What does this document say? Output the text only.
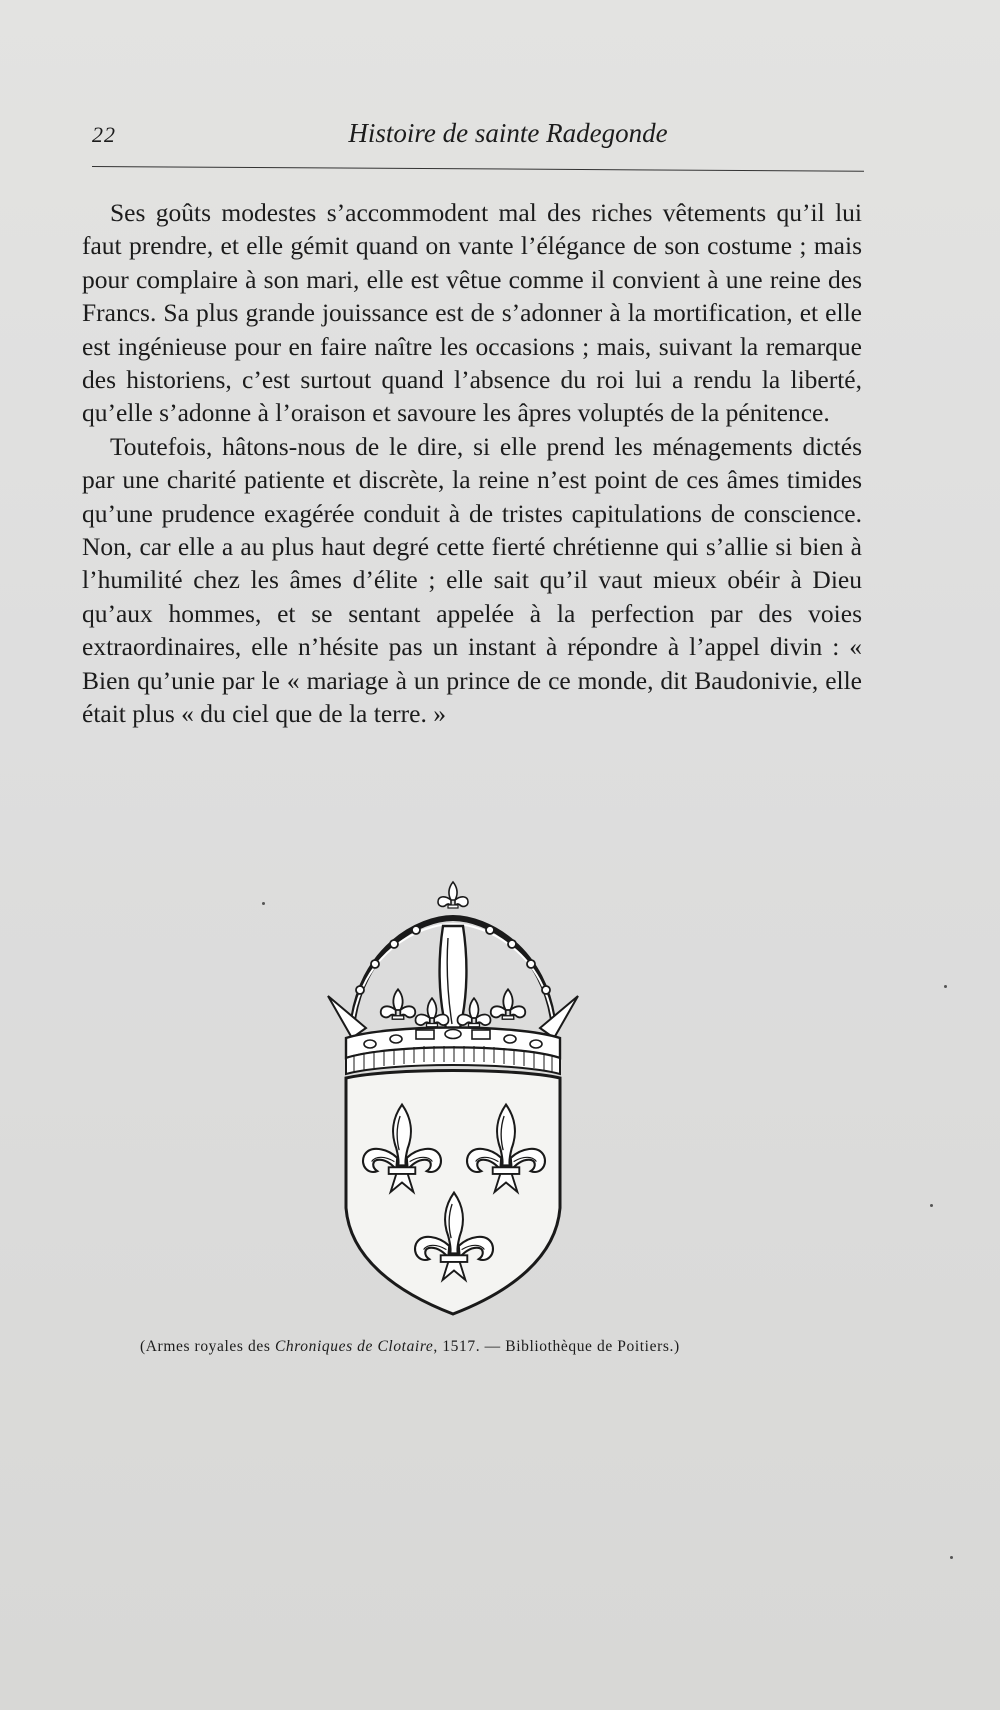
22	Histoire de sainte Radegonde

Ses goûts modestes s’accommodent mal des riches vêtements qu’il lui faut prendre, et elle gémit quand on vante l’élégance de son costume ; mais pour complaire à son mari, elle est vêtue comme il convient à une reine des Francs. Sa plus grande jouissance est de s’adonner à la mortification, et elle est ingénieuse pour en faire naître les occasions ; mais, suivant la remarque des historiens, c’est surtout quand l’absence du roi lui a rendu la liberté, qu’elle s’adonne à l’oraison et savoure les âpres voluptés de la pénitence.

Toutefois, hâtons-nous de le dire, si elle prend les ménagements dictés par une charité patiente et discrète, la reine n’est point de ces âmes timides qu’une prudence exagérée conduit à de tristes capitulations de conscience. Non, car elle a au plus haut degré cette fierté chrétienne qui s’allie si bien à l’humilité chez les âmes d’élite ; elle sait qu’il vaut mieux obéir à Dieu qu’aux hommes, et se sentant appelée à la perfection par des voies extraordinaires, elle n’hésite pas un instant à répondre à l’appel divin : « Bien qu’unie par le « mariage à un prince de ce monde, dit Baudonivie, elle était plus « du ciel que de la terre. »

(Armes royales des Chroniques de Clotaire, 1517. — Bibliothèque de Poitiers.)
